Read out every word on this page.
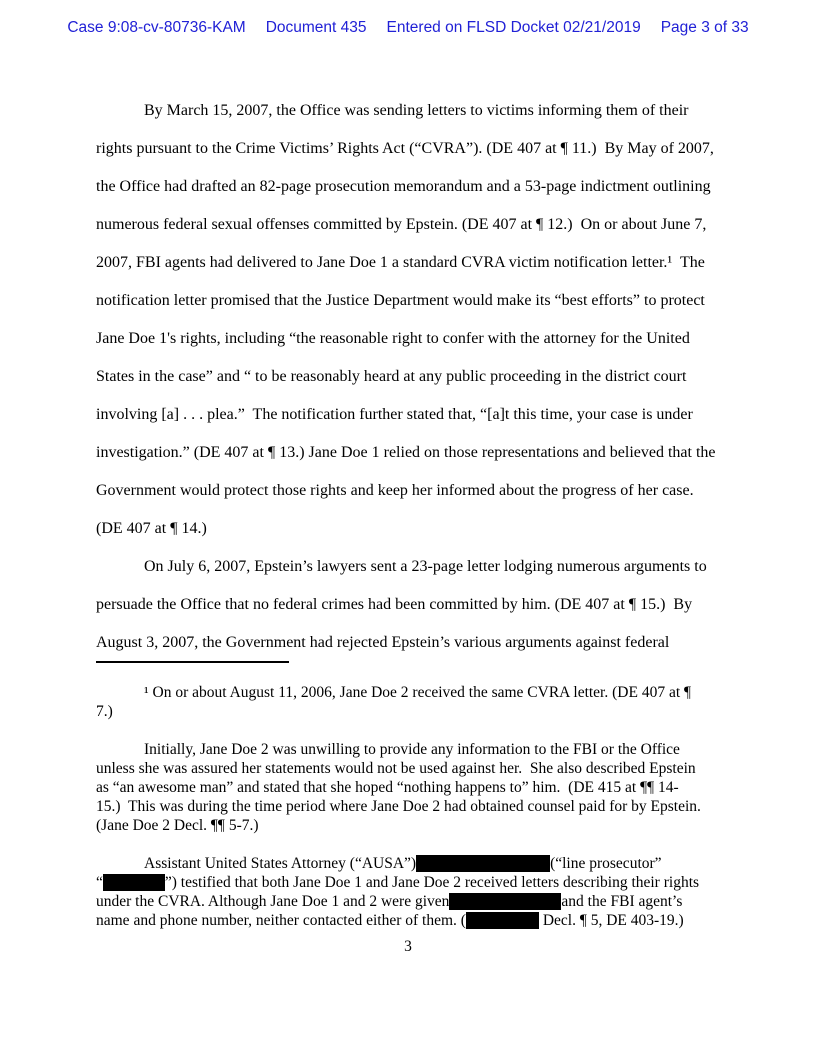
Case 9:08-cv-80736-KAM Document 435 Entered on FLSD Docket 02/21/2019 Page 3 of 33
By March 15, 2007, the Office was sending letters to victims informing them of their
rights pursuant to the Crime Victims’ Rights Act (“CVRA”). (DE 407 at ¶ 11.)  By May of 2007,
the Office had drafted an 82-page prosecution memorandum and a 53-page indictment outlining
numerous federal sexual offenses committed by Epstein. (DE 407 at ¶ 12.)  On or about June 7,
2007, FBI agents had delivered to Jane Doe 1 a standard CVRA victim notification letter.¹  The
notification letter promised that the Justice Department would make its “best efforts” to protect
Jane Doe 1's rights, including “the reasonable right to confer with the attorney for the United
States in the case” and “ to be reasonably heard at any public proceeding in the district court
involving [a] . . . plea.”  The notification further stated that, “[a]t this time, your case is under
investigation.” (DE 407 at ¶ 13.) Jane Doe 1 relied on those representations and believed that the
Government would protect those rights and keep her informed about the progress of her case.
(DE 407 at ¶ 14.)
On July 6, 2007, Epstein’s lawyers sent a 23-page letter lodging numerous arguments to
persuade the Office that no federal crimes had been committed by him. (DE 407 at ¶ 15.)  By
August 3, 2007, the Government had rejected Epstein’s various arguments against federal
¹ On or about August 11, 2006, Jane Doe 2 received the same CVRA letter. (DE 407 at ¶
7.)
Initially, Jane Doe 2 was unwilling to provide any information to the FBI or the Office
unless she was assured her statements would not be used against her.  She also described Epstein
as “an awesome man” and stated that she hoped “nothing happens to” him.  (DE 415 at ¶¶ 14-
15.)  This was during the time period where Jane Doe 2 had obtained counsel paid for by Epstein.
(Jane Doe 2 Decl. ¶¶ 5-7.)
Assistant United States Attorney (“AUSA”)	(“line prosecutor”
“	”) testified that both Jane Doe 1 and Jane Doe 2 received letters describing their rights
under the CVRA. Although Jane Doe 1 and 2 were given	and the FBI agent’s
name and phone number, neither contacted either of them. (	Decl. ¶ 5, DE 403-19.)
3
